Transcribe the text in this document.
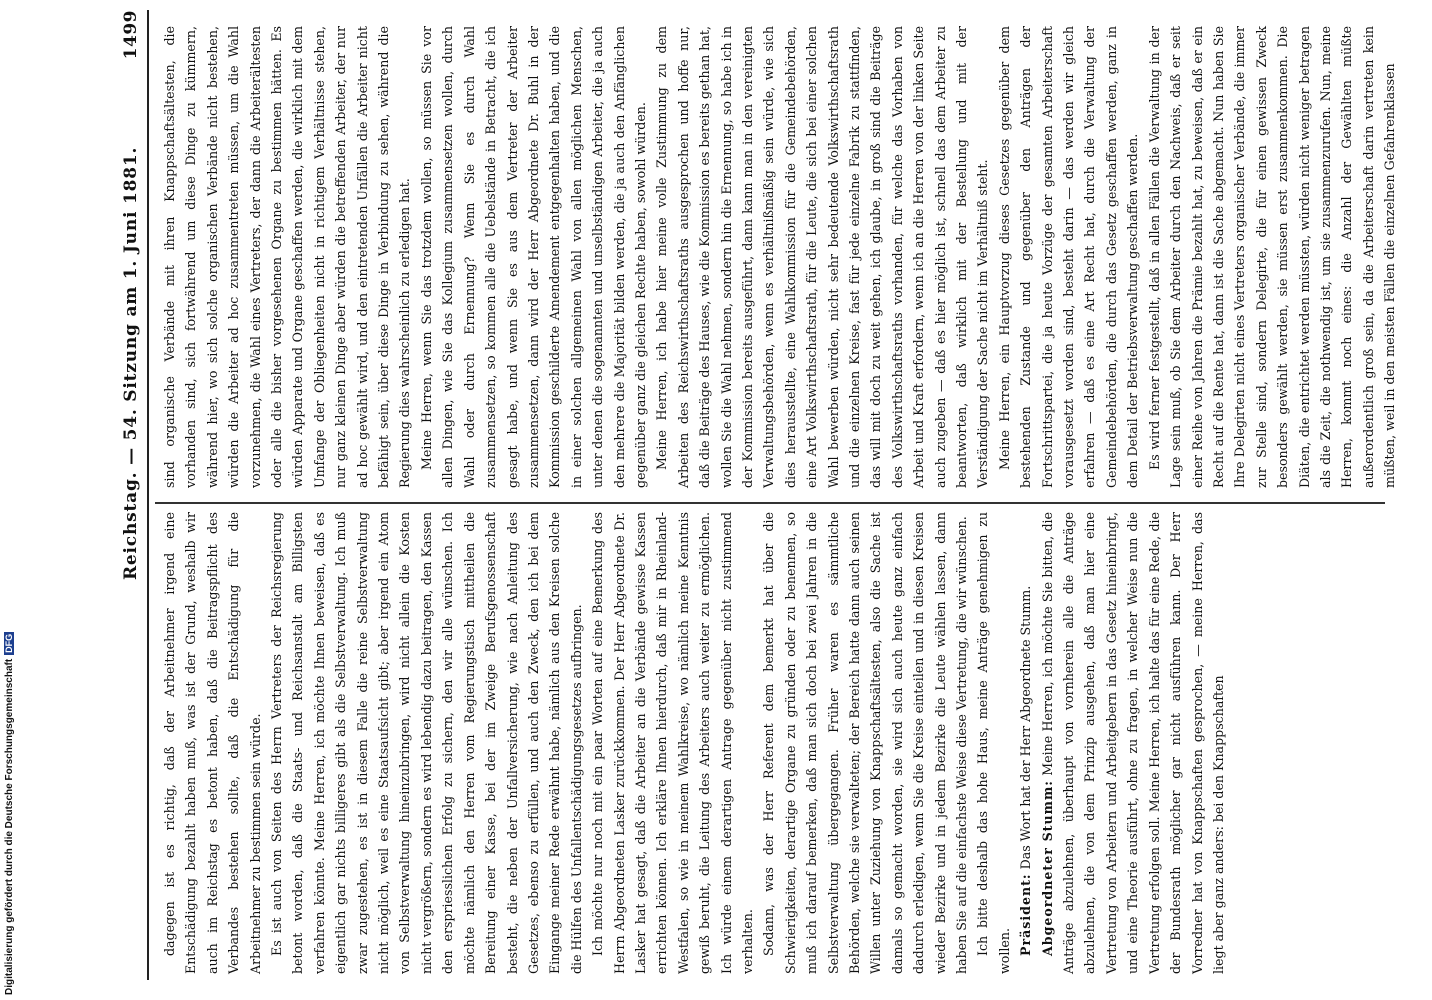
Digitalisierung gefördert durch die Deutsche ForschungsgemeinschaftDFG
Reichstag. — 54. Sitzung am 1. Juni 1881.
1499

dagegen ist es richtig, daß der Arbeitnehmer irgend eine Entschädigung bezahlt haben muß, was ist der Grund, weshalb wir auch im Reichstag es betont haben, daß die Beitragspflicht des Verbandes bestehen sollte, daß die Entschädigung für die Arbeitnehmer zu bestimmen sein würde. Es ist auch von Seiten des Herrn Vertreters der Reichsregierung betont worden, daß die Staats- und Reichsanstalt am Billigsten verfahren könnte. Meine Herren, ich möchte Ihnen beweisen, daß es eigentlich gar nichts billigeres gibt als die Selbstverwaltung. Ich muß zwar zugestehen, es ist in diesem Falle die reine Selbstverwaltung nicht möglich, weil es eine Staatsaufsicht gibt; aber irgend ein Atom von Selbstverwaltung hineinzubringen, wird nicht allein die Kosten nicht vergrößern, sondern es wird lebendig dazu beitragen, den Kassen den erspriesslichen Erfolg zu sichern, den wir alle wünschen. Ich möchte nämlich den Herren vom Regierungstisch mittheilen die Bereitung einer Kasse, bei der im Zweige Berufsgenossenschaft besteht, die neben der Unfallversicherung, wie nach Anleitung des Gesetzes, ebenso zu erfüllen, und auch den Zweck, den ich bei dem Eingange meiner Rede erwähnt habe, nämlich aus den Kreisen solche die Hülfen des Unfallentschädigungsgesetzes aufbringen. Ich möchte nur noch mit ein paar Worten auf eine Bemerkung des Herrn Abgeordneten Lasker zurückkommen. Der Herr Abgeordnete Dr. Lasker hat gesagt, daß die Arbeiter an die Verbände gewisse Kassen errichten können. Ich erkläre Ihnen hierdurch, daß mir in Rheinland-Westfalen, so wie in meinem Wahlkreise, wo nämlich meine Kenntnis gewiß beruht, die Leitung des Arbeiters auch weiter zu ermöglichen. Ich würde einem derartigen Antrage gegenüber nicht zustimmend verhalten. Sodann, was der Herr Referent dem bemerkt hat über die Schwierigkeiten, derartige Organe zu gründen oder zu benennen, so muß ich darauf bemerken, daß man sich doch bei zwei Jahren in die Selbstverwaltung übergegangen. Früher waren es sämmtliche Behörden, welche sie verwalteten; der Bereich hatte dann auch seinen Willen unter Zuziehung von Knappschaftsältesten, also die Sache ist damals so gemacht worden, sie wird sich auch heute ganz einfach dadurch erledigen, wenn Sie die Kreise einteilen und in diesen Kreisen wieder Bezirke und in jedem Bezirke die Leute wählen lassen, dann haben Sie auf die einfachste Weise diese Vertretung, die wir wünschen. Ich bitte deshalb das hohe Haus, meine Anträge genehmigen zu wollen. Präsident: Das Wort hat der Herr Abgeordnete Stumm. Abgeordneter Stumm: Meine Herren, ich möchte Sie bitten, die Anträge abzulehnen, überhaupt von vornherein alle die Anträge abzulehnen, die von dem Prinzip ausgehen, daß man hier eine Vertretung von Arbeitern und Arbeitgebern in das Gesetz hineinbringt, und eine Theorie ausführt, ohne zu fragen, in welcher Weise nun die Vertretung erfolgen soll. Meine Herren, ich halte das für eine Rede, die der Bundesrath möglicher gar nicht ausführen kann. Der Herr Vorredner hat von Knappschaften gesprochen, — meine Herren, das liegt aber ganz anders: bei den Knappschaften

sind organische Verbände mit ihren Knappschaftsältesten, die vorhanden sind, sich fortwährend um diese Dinge zu kümmern, während hier, wo sich solche organischen Verbände nicht bestehen, würden die Arbeiter ad hoc zusammentreten müssen, um die Wahl vorzunehmen, die Wahl eines Vertreters, der dann die Arbeiterältesten oder alle die bisher vorgesehenen Organe zu bestimmen hätten. Es würden Apparate und Organe geschaffen werden, die wirklich mit dem Umfange der Obliegenheiten nicht in richtigem Verhältnisse stehen, nur ganz kleinen Dinge aber würden die betreffenden Arbeiter, der nur ad hoc gewählt wird, und den eintretenden Unfällen die Arbeiter nicht befähigt sein, über diese Dinge in Verbindung zu sehen, während die Regierung dies wahrscheinlich zu erledigen hat. Meine Herren, wenn Sie das trotzdem wollen, so müssen Sie vor allen Dingen, wie Sie das Kollegium zusammensetzen wollen, durch Wahl oder durch Ernennung? Wenn Sie es durch Wahl zusammensetzen, so kommen alle die Uebelstände in Betracht, die ich gesagt habe, und wenn Sie es aus dem Vertreter der Arbeiter zusammensetzen, dann wird der Herr Abgeordnete Dr. Buhl in der Kommission geschilderte Amendement entgegenhalten haben, und die in einer solchen allgemeinen Wahl von allen möglichen Menschen, unter denen die sogenannten und unselbständigen Arbeiter, die ja auch den mehrere die Majorität bilden werden, die ja auch den Anfänglichen gegenüber ganz die gleichen Rechte haben, sowohl würden. Meine Herren, ich habe hier meine volle Zustimmung zu dem Arbeiten des Reichswirthschaftsraths ausgesprochen und hoffe nur, daß die Beiträge des Hauses, wie die Kommission es bereits gethan hat, wollen Sie die Wahl nehmen, sondern hin die Ernennung, so habe ich in der Kommission bereits ausgeführt, dann kann man in den vereinigten Verwaltungsbehörden, wenn es verhältnißmäßig sein würde, wie sich dies herausstellte, eine Wahlkommission für die Gemeindebehörden, eine Art Volkswirthschaftsrath, für die Leute, die sich bei einer solchen Wahl bewerben würden, nicht sehr bedeutende Volkswirthschaftsrath und die einzelnen Kreise, fast für jede einzelne Fabrik zu stattfinden, das will mit doch zu weit gehen, ich glaube, in groß sind die Beiträge des Volkswirthschaftsraths vorhanden, für welche das Vorhaben von Arbeit und Kraft erfordern, wenn ich an die Herren von der linken Seite auch zugeben — daß es hier möglich ist, schnell das dem Arbeiter zu beantworten, daß wirklich mit der Bestellung und mit der Verständigung der Sache nicht im Verhältniß steht. Meine Herren, ein Hauptvorzug dieses Gesetzes gegenüber dem bestehenden Zustande und gegenüber den Anträgen der Fortschrittspartei, die ja heute Vorzüge der gesamten Arbeiterschaft vorausgesetzt worden sind, besteht darin — das werden wir gleich erfahren — daß es eine Art Recht hat, durch die Verwaltung der Gemeindebehörden, die durch das Gesetz geschaffen werden, ganz in dem Detail der Betriebsverwaltung geschaffen werden. Es wird ferner festgestellt, daß in allen Fällen die Verwaltung in der Lage sein muß, ob Sie dem Arbeiter durch den Nachweis, daß er seit einer Reihe von Jahren die Prämie bezahlt hat, zu beweisen, daß er ein Recht auf die Rente hat, dann ist die Sache abgemacht. Nun haben Sie Ihre Delegirten nicht eines Vertreters organischer Verbände, die immer zur Stelle sind, sondern Delegirte, die für einen gewissen Zweck besonders gewählt werden, sie müssen erst zusammenkommen. Die Diäten, die entrichtet werden müssten, würden nicht weniger betragen als die Zeit, die nothwendig ist, um sie zusammenzurufen. Nun, meine Herren, kommt noch eines: die Anzahl der Gewählten müßte außerordentlich groß sein, da die Arbeiterschaft darin vertreten kein müßten, weil in den meisten Fällen die einzelnen Gefahrenklassen
